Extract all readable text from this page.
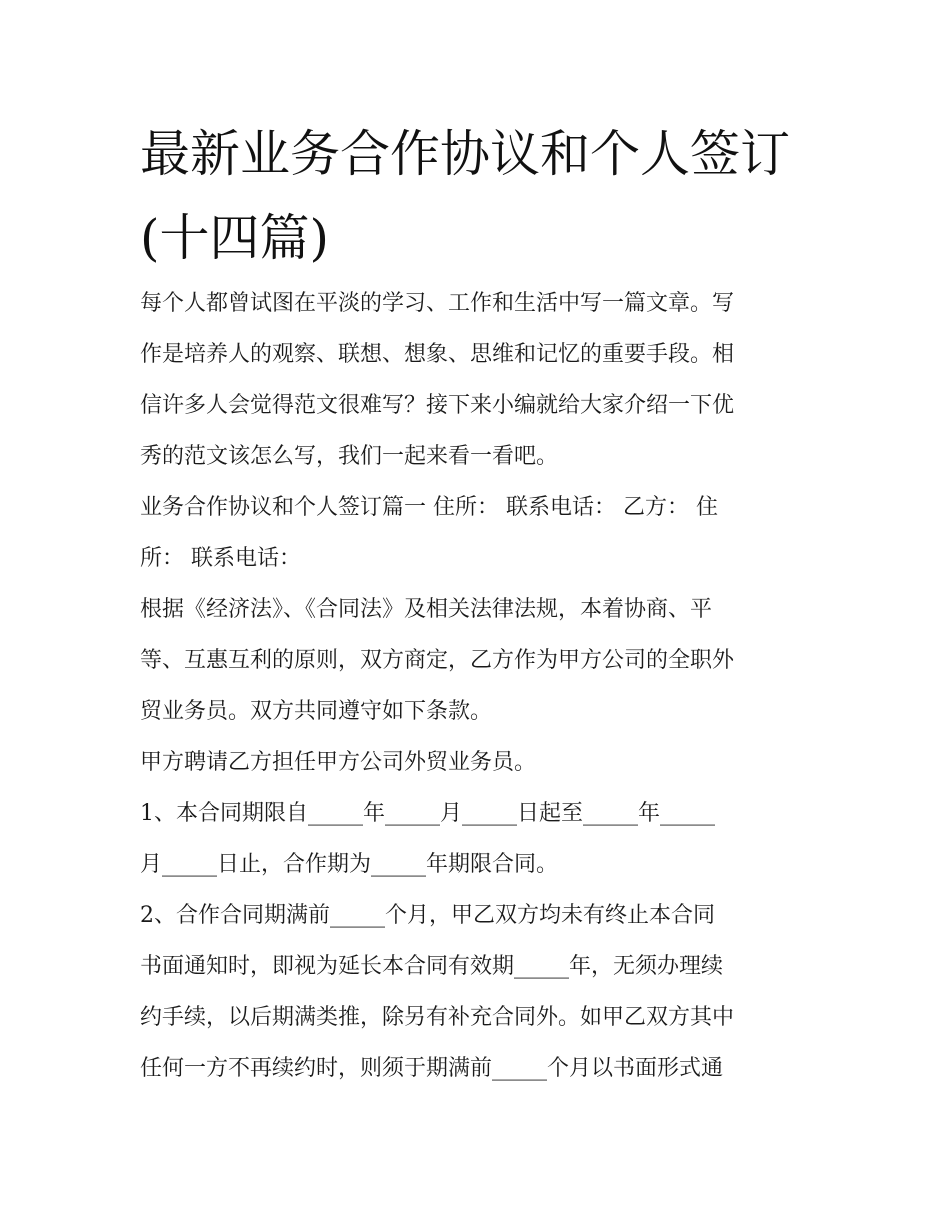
最新业务合作协议和个人签订
(十四篇)

每个人都曾试图在平淡的学习、工作和生活中写一篇文章。写
作是培养人的观察、联想、想象、思维和记忆的重要手段。相
信许多人会觉得范文很难写？接下来小编就给大家介绍一下优
秀的范文该怎么写，我们一起来看一看吧。

业务合作协议和个人签订篇一 住所： 联系电话： 乙方： 住
所： 联系电话：

根据《经济法》、《合同法》及相关法律法规，本着协商、平
等、互惠互利的原则，双方商定，乙方作为甲方公司的全职外
贸业务员。双方共同遵守如下条款。

甲方聘请乙方担任甲方公司外贸业务员。

1、本合同期限自_____年_____月_____日起至_____年_____
月_____日止，合作期为_____年期限合同。

2、合作合同期满前_____个月，甲乙双方均未有终止本合同
书面通知时，即视为延长本合同有效期_____年，无须办理续
约手续，以后期满类推，除另有补充合同外。如甲乙双方其中
任何一方不再续约时，则须于期满前_____个月以书面形式通
